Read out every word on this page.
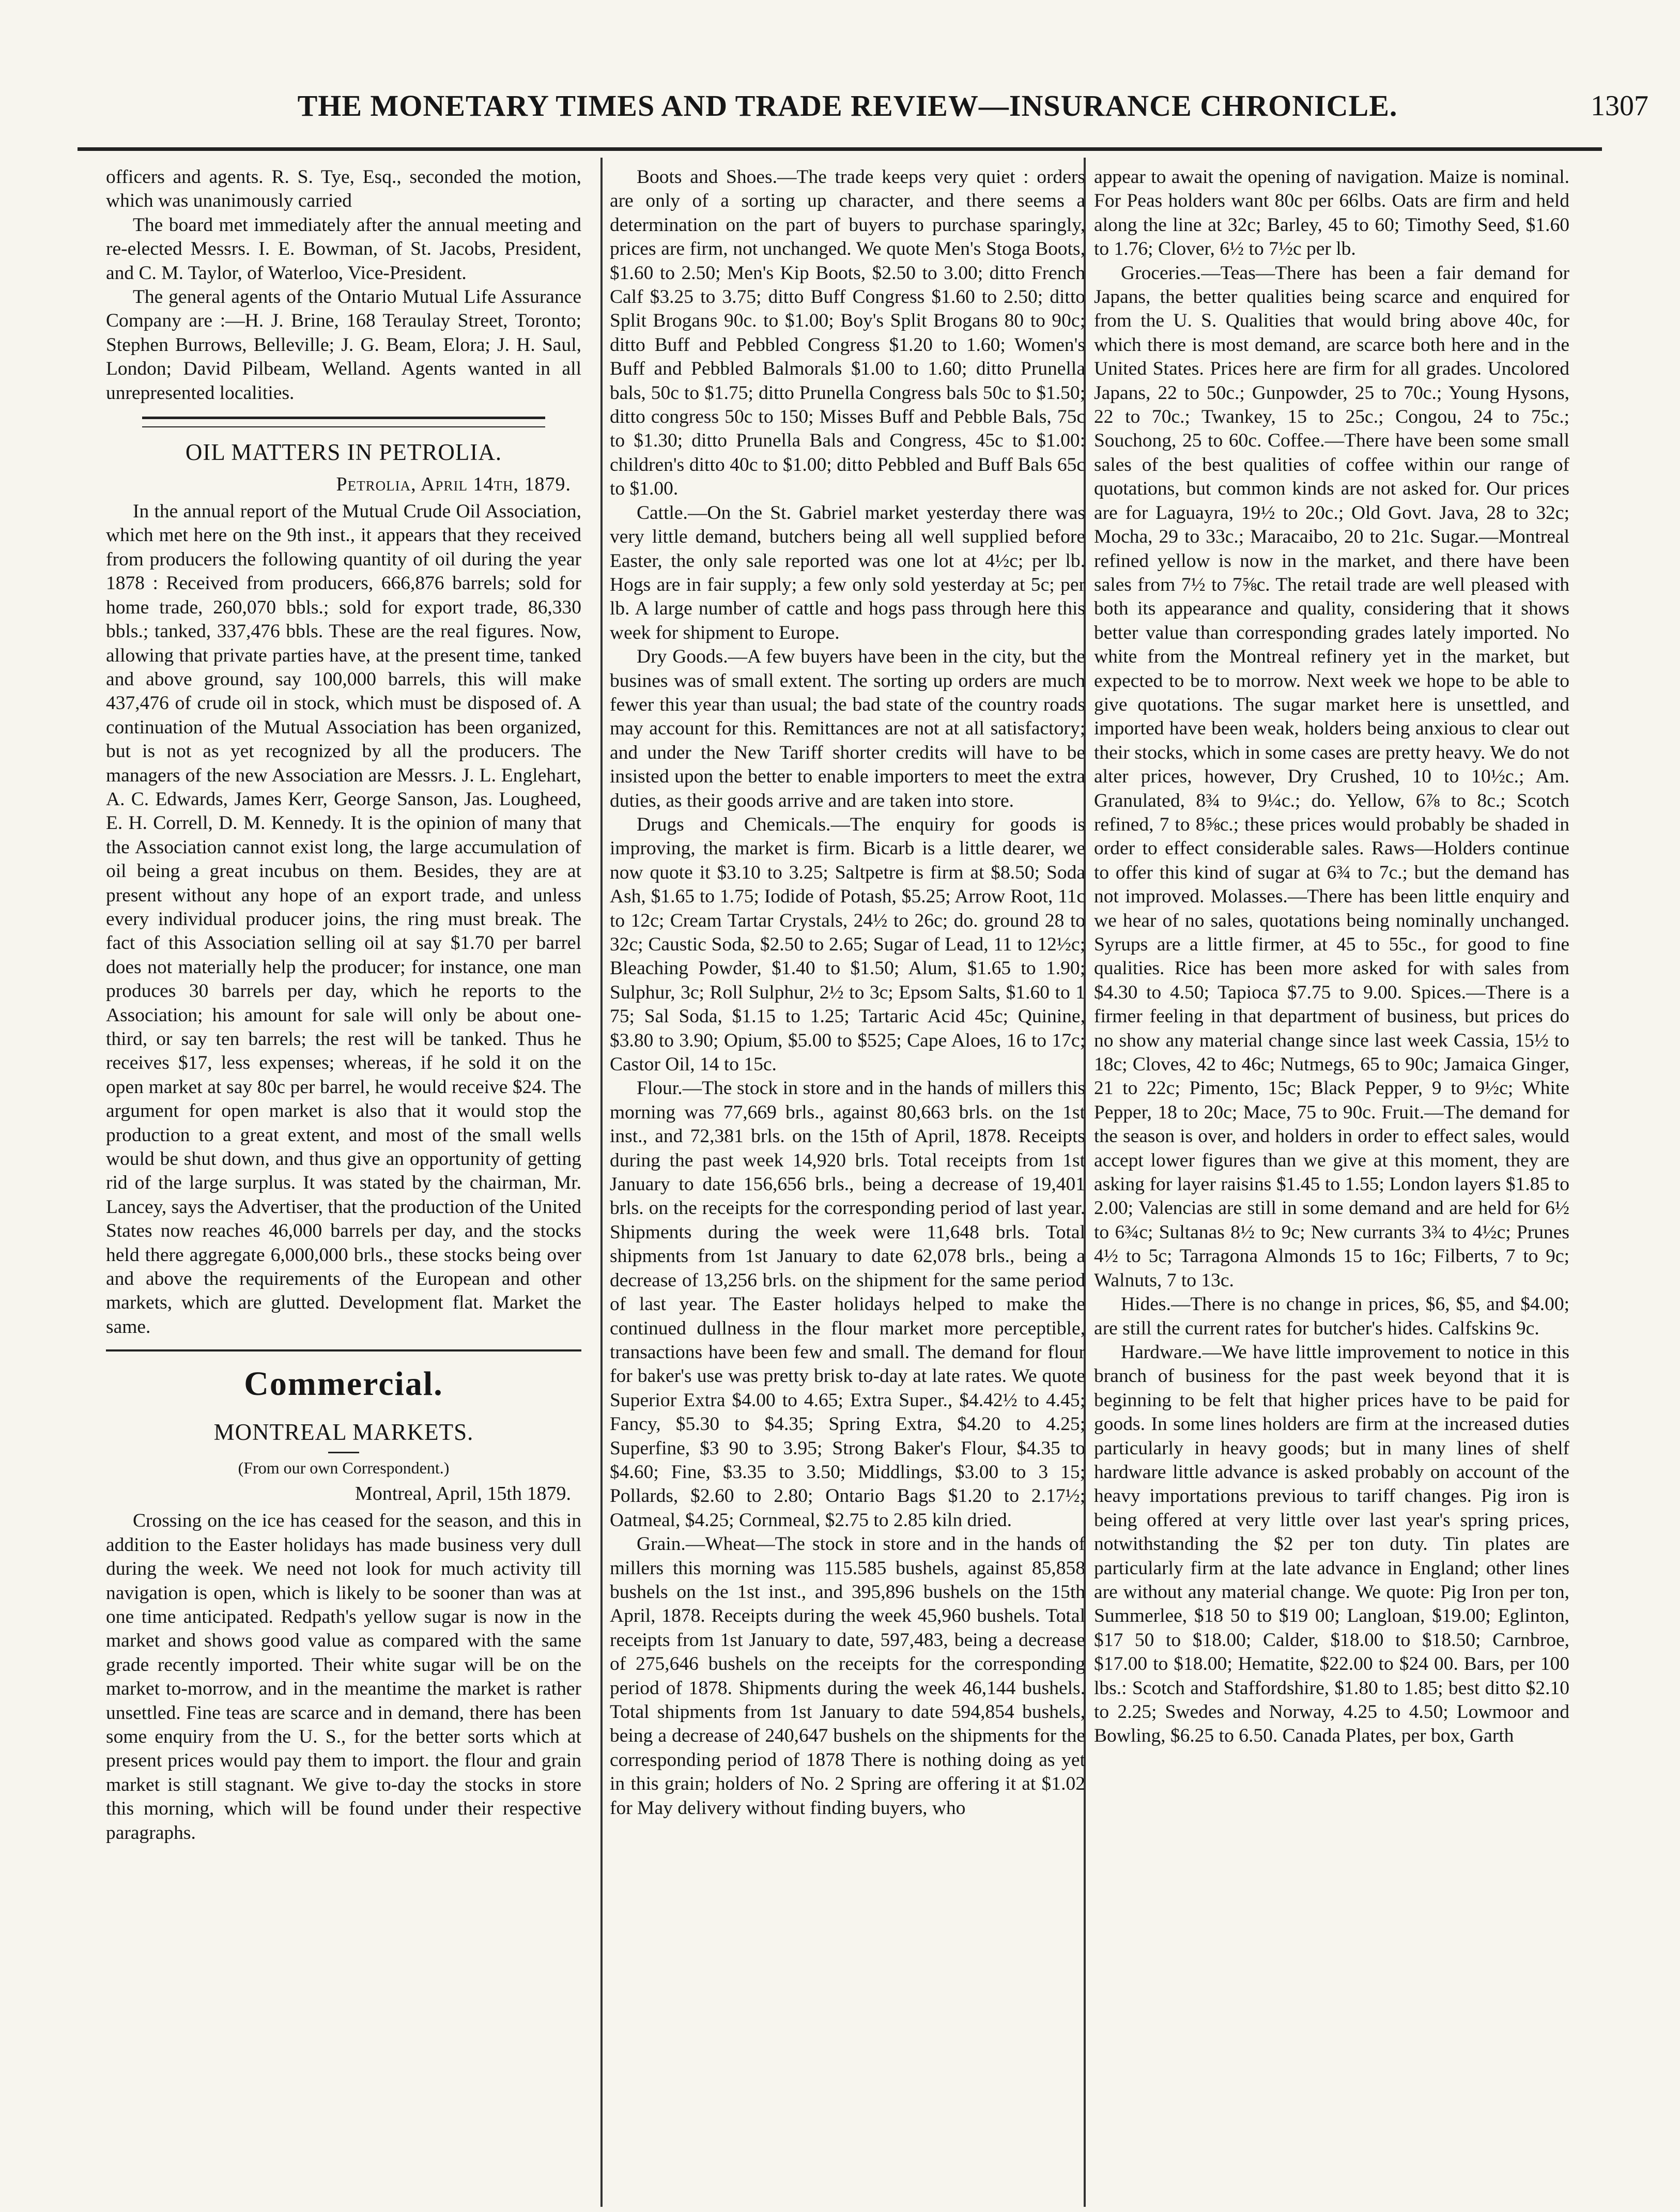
THE MONETARY TIMES AND TRADE REVIEW—INSURANCE CHRONICLE.	1307

officers and agents. R. S. Tye, Esq., seconded the motion, which was unanimously carried

The board met immediately after the annual meeting and re-elected Messrs. I. E. Bowman, of St. Jacobs, President, and C. M. Taylor, of Waterloo, Vice-President.

The general agents of the Ontario Mutual Life Assurance Company are :—H. J. Brine, 168 Teraulay Street, Toronto; Stephen Burrows, Belleville; J. G. Beam, Elora; J. H. Saul, London; David Pilbeam, Welland. Agents wanted in all unrepresented localities.

OIL MATTERS IN PETROLIA.
Petrolia, April 14th, 1879.

In the annual report of the Mutual Crude Oil Association, which met here on the 9th inst., it appears that they received from producers the following quantity of oil during the year 1878 : Received from producers, 666,876 barrels; sold for home trade, 260,070 bbls.; sold for export trade, 86,330 bbls.; tanked, 337,476 bbls. These are the real figures. Now, allowing that private parties have, at the present time, tanked and above ground, say 100,000 barrels, this will make 437,476 of crude oil in stock, which must be disposed of. A continuation of the Mutual Association has been organized, but is not as yet recognized by all the producers. The managers of the new Association are Messrs. J. L. Englehart, A. C. Edwards, James Kerr, George Sanson, Jas. Lougheed, E. H. Correll, D. M. Kennedy. It is the opinion of many that the Association cannot exist long, the large accumulation of oil being a great incubus on them. Besides, they are at present without any hope of an export trade, and unless every individual producer joins, the ring must break. The fact of this Association selling oil at say $1.70 per barrel does not materially help the producer; for instance, one man produces 30 barrels per day, which he reports to the Association; his amount for sale will only be about one-third, or say ten barrels; the rest will be tanked. Thus he receives $17, less expenses; whereas, if he sold it on the open market at say 80c per barrel, he would receive $24. The argument for open market is also that it would stop the production to a great extent, and most of the small wells would be shut down, and thus give an opportunity of getting rid of the large surplus. It was stated by the chairman, Mr. Lancey, says the Advertiser, that the production of the United States now reaches 46,000 barrels per day, and the stocks held there aggregate 6,000,000 brls., these stocks being over and above the requirements of the European and other markets, which are glutted. Development flat. Market the same.

Commercial.
MONTREAL MARKETS.
(From our own Correspondent.)
Montreal, April, 15th 1879.

Crossing on the ice has ceased for the season, and this in addition to the Easter holidays has made business very dull during the week. We need not look for much activity till navigation is open, which is likely to be sooner than was at one time anticipated. Redpath's yellow sugar is now in the market and shows good value as compared with the same grade recently imported. Their white sugar will be on the market to-morrow, and in the meantime the market is rather unsettled. Fine teas are scarce and in demand, there has been some enquiry from the U. S., for the better sorts which at present prices would pay them to import. the flour and grain market is still stagnant. We give to-day the stocks in store this morning, which will be found under their respective paragraphs.

Boots and Shoes.—The trade keeps very quiet : orders are only of a sorting up character, and there seems a determination on the part of buyers to purchase sparingly, prices are firm, not unchanged. We quote Men's Stoga Boots, $1.60 to 2.50; Men's Kip Boots, $2.50 to 3.00; ditto French Calf $3.25 to 3.75; ditto Buff Congress $1.60 to 2.50; ditto Split Brogans 90c. to $1.00; Boy's Split Brogans 80 to 90c; ditto Buff and Pebbled Congress $1.20 to 1.60; Women's Buff and Pebbled Balmorals $1.00 to 1.60; ditto Prunella bals, 50c to $1.75; ditto Prunella Congress bals 50c to $1.50; ditto congress 50c to 150; Misses Buff and Pebble Bals, 75c to $1.30; ditto Prunella Bals and Congress, 45c to $1.00: children's ditto 40c to $1.00; ditto Pebbled and Buff Bals 65c to $1.00.

Cattle.—On the St. Gabriel market yesterday there was very little demand, butchers being all well supplied before Easter, the only sale reported was one lot at 4½c; per lb. Hogs are in fair supply; a few only sold yesterday at 5c; per lb. A large number of cattle and hogs pass through here this week for shipment to Europe.

Dry Goods.—A few buyers have been in the city, but the busines was of small extent. The sorting up orders are much fewer this year than usual; the bad state of the country roads may account for this. Remittances are not at all satisfactory; and under the New Tariff shorter credits will have to be insisted upon the better to enable importers to meet the extra duties, as their goods arrive and are taken into store.

Drugs and Chemicals.—The enquiry for goods is improving, the market is firm. Bicarb is a little dearer, we now quote it $3.10 to 3.25; Saltpetre is firm at $8.50; Soda Ash, $1.65 to 1.75; Iodide of Potash, $5.25; Arrow Root, 11c to 12c; Cream Tartar Crystals, 24½ to 26c; do. ground 28 to 32c; Caustic Soda, $2.50 to 2.65; Sugar of Lead, 11 to 12½c; Bleaching Powder, $1.40 to $1.50; Alum, $1.65 to 1.90; Sulphur, 3c; Roll Sulphur, 2½ to 3c; Epsom Salts, $1.60 to 1 75; Sal Soda, $1.15 to 1.25; Tartaric Acid 45c; Quinine, $3.80 to 3.90; Opium, $5.00 to $525; Cape Aloes, 16 to 17c; Castor Oil, 14 to 15c.

Flour.—The stock in store and in the hands of millers this morning was 77,669 brls., against 80,663 brls. on the 1st inst., and 72,381 brls. on the 15th of April, 1878. Receipts during the past week 14,920 brls. Total receipts from 1st January to date 156,656 brls., being a decrease of 19,401 brls. on the receipts for the corresponding period of last year. Shipments during the week were 11,648 brls. Total shipments from 1st January to date 62,078 brls., being a decrease of 13,256 brls. on the shipment for the same period of last year. The Easter holidays helped to make the continued dullness in the flour market more perceptible, transactions have been few and small. The demand for flour for baker's use was pretty brisk to-day at late rates. We quote Superior Extra $4.00 to 4.65; Extra Super., $4.42½ to 4.45; Fancy, $5.30 to $4.35; Spring Extra, $4.20 to 4.25; Superfine, $3 90 to 3.95; Strong Baker's Flour, $4.35 to $4.60; Fine, $3.35 to 3.50; Middlings, $3.00 to 3 15; Pollards, $2.60 to 2.80; Ontario Bags $1.20 to 2.17½; Oatmeal, $4.25; Cornmeal, $2.75 to 2.85 kiln dried.

Grain.—Wheat—The stock in store and in the hands of millers this morning was 115.585 bushels, against 85,858 bushels on the 1st inst., and 395,896 bushels on the 15th April, 1878. Receipts during the week 45,960 bushels. Total receipts from 1st January to date, 597,483, being a decrease of 275,646 bushels on the receipts for the corresponding period of 1878. Shipments during the week 46,144 bushels. Total shipments from 1st January to date 594,854 bushels, being a decrease of 240,647 bushels on the shipments for the corresponding period of 1878 There is nothing doing as yet in this grain; holders of No. 2 Spring are offering it at $1.02 for May delivery without finding buyers, who

appear to await the opening of navigation. Maize is nominal. For Peas holders want 80c per 66lbs. Oats are firm and held along the line at 32c; Barley, 45 to 60; Timothy Seed, $1.60 to 1.76; Clover, 6½ to 7½c per lb.

Groceries.—Teas—There has been a fair demand for Japans, the better qualities being scarce and enquired for from the U. S. Qualities that would bring above 40c, for which there is most demand, are scarce both here and in the United States. Prices here are firm for all grades. Uncolored Japans, 22 to 50c.; Gunpowder, 25 to 70c.; Young Hysons, 22 to 70c.; Twankey, 15 to 25c.; Congou, 24 to 75c.; Souchong, 25 to 60c. Coffee.—There have been some small sales of the best qualities of coffee within our range of quotations, but common kinds are not asked for. Our prices are for Laguayra, 19½ to 20c.; Old Govt. Java, 28 to 32c; Mocha, 29 to 33c.; Maracaibo, 20 to 21c. Sugar.—Montreal refined yellow is now in the market, and there have been sales from 7½ to 7⅝c. The retail trade are well pleased with both its appearance and quality, considering that it shows better value than corresponding grades lately imported. No white from the Montreal refinery yet in the market, but expected to be to morrow. Next week we hope to be able to give quotations. The sugar market here is unsettled, and imported have been weak, holders being anxious to clear out their stocks, which in some cases are pretty heavy. We do not alter prices, however, Dry Crushed, 10 to 10½c.; Am. Granulated, 8¾ to 9¼c.; do. Yellow, 6⅞ to 8c.; Scotch refined, 7 to 8⅝c.; these prices would probably be shaded in order to effect considerable sales. Raws—Holders continue to offer this kind of sugar at 6¾ to 7c.; but the demand has not improved. Molasses.—There has been little enquiry and we hear of no sales, quotations being nominally unchanged. Syrups are a little firmer, at 45 to 55c., for good to fine qualities. Rice has been more asked for with sales from $4.30 to 4.50; Tapioca $7.75 to 9.00. Spices.—There is a firmer feeling in that department of business, but prices do no show any material change since last week Cassia, 15½ to 18c; Cloves, 42 to 46c; Nutmegs, 65 to 90c; Jamaica Ginger, 21 to 22c; Pimento, 15c; Black Pepper, 9 to 9½c; White Pepper, 18 to 20c; Mace, 75 to 90c. Fruit.—The demand for the season is over, and holders in order to effect sales, would accept lower figures than we give at this moment, they are asking for layer raisins $1.45 to 1.55; London layers $1.85 to 2.00; Valencias are still in some demand and are held for 6½ to 6¾c; Sultanas 8½ to 9c; New currants 3¾ to 4½c; Prunes 4½ to 5c; Tarragona Almonds 15 to 16c; Filberts, 7 to 9c; Walnuts, 7 to 13c.

Hides.—There is no change in prices, $6, $5, and $4.00; are still the current rates for butcher's hides. Calfskins 9c.

Hardware.—We have little improvement to notice in this branch of business for the past week beyond that it is beginning to be felt that higher prices have to be paid for goods. In some lines holders are firm at the increased duties particularly in heavy goods; but in many lines of shelf hardware little advance is asked probably on account of the heavy importations previous to tariff changes. Pig iron is being offered at very little over last year's spring prices, notwithstanding the $2 per ton duty. Tin plates are particularly firm at the late advance in England; other lines are without any material change. We quote: Pig Iron per ton, Summerlee, $18 50 to $19 00; Langloan, $19.00; Eglinton, $17 50 to $18.00; Calder, $18.00 to $18.50; Carnbroe, $17.00 to $18.00; Hematite, $22.00 to $24 00. Bars, per 100 lbs.: Scotch and Staffordshire, $1.80 to 1.85; best ditto $2.10 to 2.25; Swedes and Norway, 4.25 to 4.50; Lowmoor and Bowling, $6.25 to 6.50. Canada Plates, per box, Garth
